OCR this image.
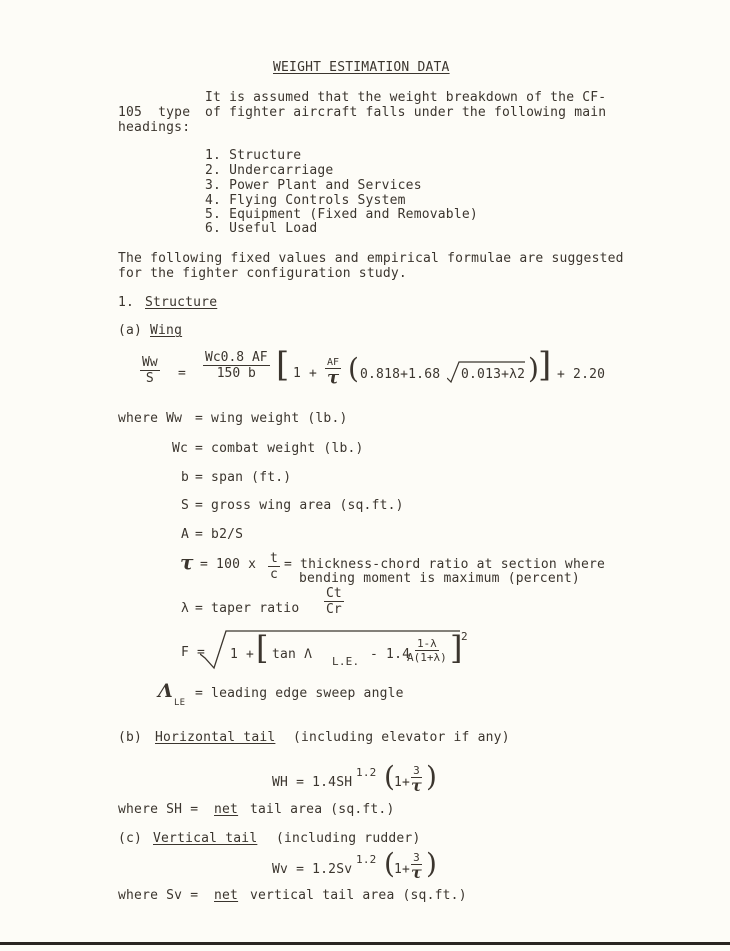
WEIGHT ESTIMATION DATA
It is assumed that the weight breakdown of the CF-
105  type of fighter aircraft falls under the following main
headings:
1. Structure
2. Undercarriage
3. Power Plant and Services
4. Flying Controls System
5. Equipment (Fixed and Removable)
6. Useful Load
The following fixed values and empirical formulae are suggested
for the fighter configuration study.
1. Structure
(a) Wing
$\frac{Ww}{S} = \frac{Wc0.8 AF}{150 b}$ [ 1 +
AF
τ ( 0.818+1.68 0.013+λ2 ) ] + 2.20
where Ww = wing weight (lb.)
Wc = combat weight (lb.)
b = span (ft.)
S = gross wing area (sq.ft.)
A = b2/S
τ = 100 x $\frac{t}{c}$ = thickness-chord ratio at section where
bending moment is maximum (percent)
λ = taper ratio $\frac{Ct}{Cr}$
F = 1 + [ tan Λ L.E. - 1.4
$\frac{1-\lambda}{A(1+\lambda)}$ ]
2
Λ
LE
= leading edge sweep angle
(b) Horizontal tail (including elevator if any)
WH = 1.4SH
1.2 ( 1+
3
τ )
where SH = net tail area (sq.ft.)
(c) Vertical tail (including rudder)
Wv = 1.2Sv
1.2 ( 1+
3
τ )
where Sv = net vertical tail area (sq.ft.)
